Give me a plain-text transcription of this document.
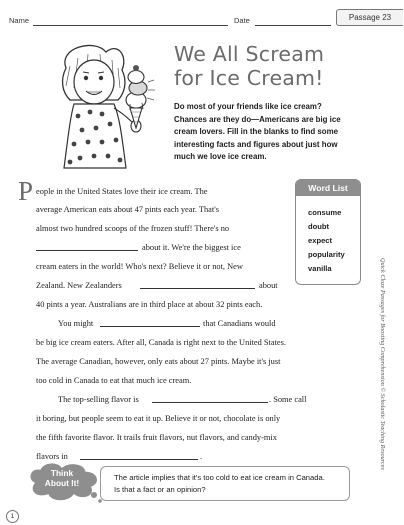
Name	Date	Passage 23
We All Scream
for Ice Cream!
Do most of your friends like ice cream?
Chances are they do—Americans are big ice
cream lovers. Fill in the blanks to find some
interesting facts and figures about just how
much we love ice cream.
P eople in the United States love their ice cream. The
average American eats about 47 pints each year. That's
almost two hundred scoops of the frozen stuff! There's no
about it. We're the biggest ice
cream eaters in the world! Who's next? Believe it or not, New
Zealand. New Zealanders	about
40 pints a year. Australians are in third place at about 32 pints each.
You might	that Canadians would
be big ice cream eaters. After all, Canada is right next to the United States.
The average Canadian, however, only eats about 27 pints. Maybe it's just
too cold in Canada to eat that much ice cream.
The top-selling flavor is	. Some call
it boring, but people seem to eat it up. Believe it or not, chocolate is only
the fifth favorite flavor. It trails fruit flavors, nut flavors, and candy-mix
flavors in	.
Word List
consume
doubt
expect
popularity
vanilla	Quick Cloze Passages for Boosting Comprehension © Scholastic Teaching Resources
Think
About It!	The article implies that it's too cold to eat ice cream in Canada.
Is that a fact or an opinion?
1
